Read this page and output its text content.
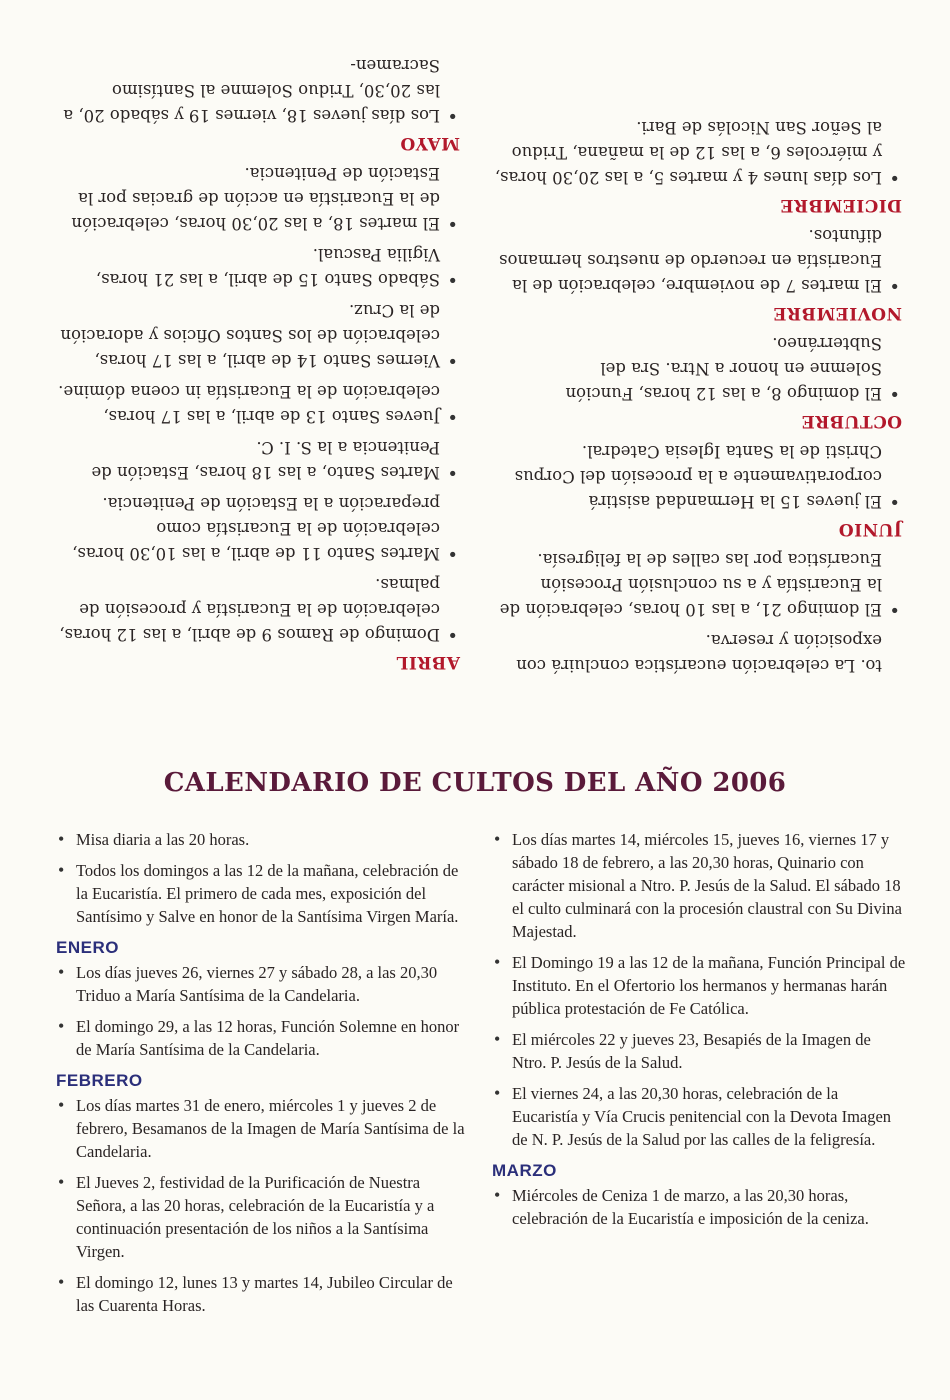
to. La celebración eucarística concluirá con exposición y reserva.
• El domingo 21, a las 10 horas, celebración de la Eucaristía y a su conclusión Procesión Eucarística por las calles de la feligresía.
JUNIO
• El jueves 15 la Hermandad asistirá corporativamente a la procesión del Corpus Christi de la Santa Iglesia Catedral.
OCTUBRE
• El domingo 8, a las 12 horas, Función Solemne en honor a Ntra. Sra del Subterráneo.
NOVIEMBRE
• El martes 7 de noviembre, celebración de la Eucaristía en recuerdo de nuestros hermanos difuntos.
DICIEMBRE
• Los días lunes 4 y martes 5, a las 20,30 horas, y miércoles 6, a las 12 de la mañana, Triduo al Señor San Nicolás de Bari.
ABRIL
• Domingo de Ramos 9 de abril, a las 12 horas, celebración de la Eucaristía y procesión de palmas.
• Martes Santo 11 de abril, a las 10,30 horas, celebración de la Eucaristía como preparación a la Estación de Penitencia.
• Martes Santo, a las 18 horas, Estación de Penitencia a la S. I. C.
• Jueves Santo 13 de abril, a las 17 horas, celebración de la Eucaristía in coena dómine.
• Viernes Santo 14 de abril, a las 17 horas, celebración de los Santos Oficios y adoración de la Cruz.
• Sábado Santo 15 de abril, a las 21 horas, Vigilia Pascual.
• El martes 18, a las 20,30 horas, celebración de la Eucaristía en acción de gracias por la Estación de Penitencia.
MAYO
• Los días jueves 18, viernes 19 y sábado 20, a las 20,30, Triduo Solemne al Santísimo Sacramen-
CALENDARIO DE CULTOS DEL AÑO 2006
• Misa diaria a las 20 horas.
• Todos los domingos a las 12 de la mañana, celebración de la Eucaristía. El primero de cada mes, exposición del Santísimo y Salve en honor de la Santísima Virgen María.
ENERO
• Los días jueves 26, viernes 27 y sábado 28, a las 20,30 Triduo a María Santísima de la Candelaria.
• El domingo 29, a las 12 horas, Función Solemne en honor de María Santísima de la Candelaria.
FEBRERO
• Los días martes 31 de enero, miércoles 1 y jueves 2 de febrero, Besamanos de la Imagen de María Santísima de la Candelaria.
• El Jueves 2, festividad de la Purificación de Nuestra Señora, a las 20 horas, celebración de la Eucaristía y a continuación presentación de los niños a la Santísima Virgen.
• El domingo 12, lunes 13 y martes 14, Jubileo Circular de las Cuarenta Horas.
• Los días martes 14, miércoles 15, jueves 16, viernes 17 y sábado 18 de febrero, a las 20,30 horas, Quinario con carácter misional a Ntro. P. Jesús de la Salud. El sábado 18 el culto culminará con la procesión claustral con Su Divina Majestad.
• El Domingo 19 a las 12 de la mañana, Función Principal de Instituto. En el Ofertorio los hermanos y hermanas harán pública protestación de Fe Católica.
• El miércoles 22 y jueves 23, Besapiés de la Imagen de Ntro. P. Jesús de la Salud.
• El viernes 24, a las 20,30 horas, celebración de la Eucaristía y Vía Crucis penitencial con la Devota Imagen de N. P. Jesús de la Salud por las calles de la feligresía.
MARZO
• Miércoles de Ceniza 1 de marzo, a las 20,30 horas, celebración de la Eucaristía e imposición de la ceniza.
